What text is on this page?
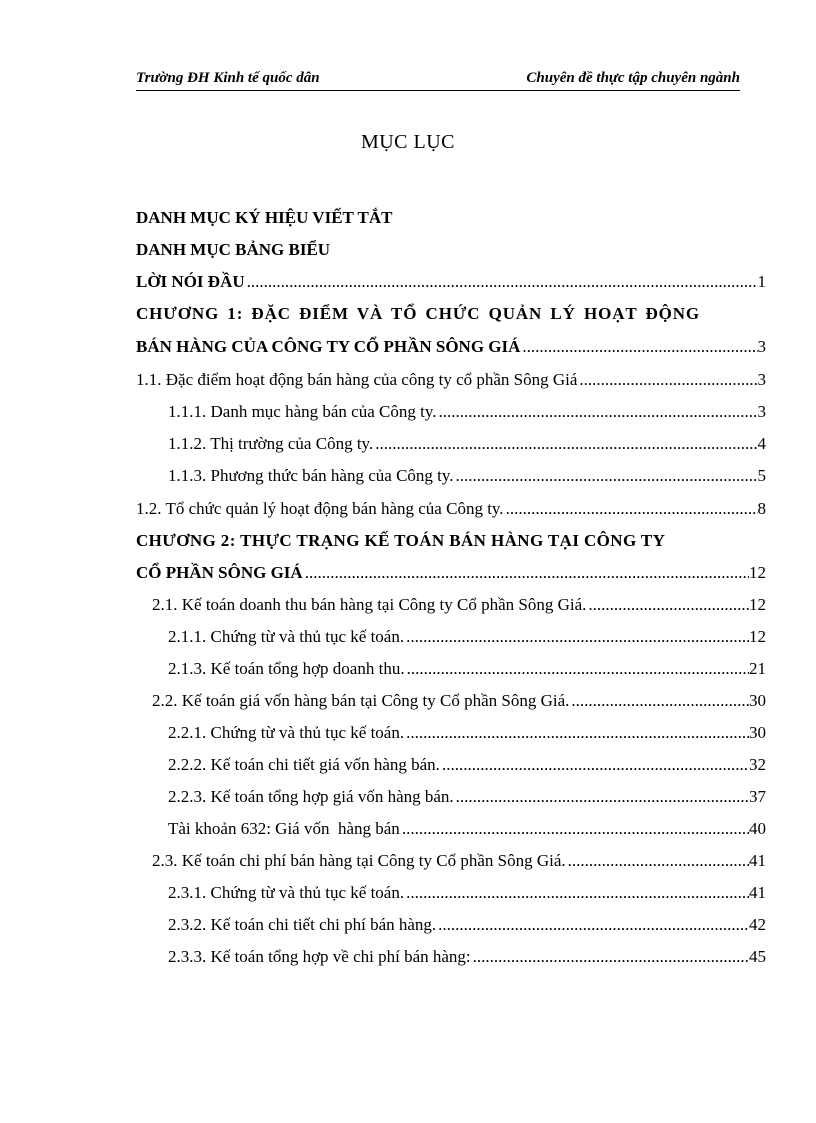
Trường ĐH Kinh tế quốc dân	Chuyên đề thực tập chuyên ngành
MỤC LỤC
DANH MỤC KÝ HIỆU VIẾT TẮT
DANH MỤC BẢNG BIỂU
LỜI NÓI ĐẦU .....	1
CHƯƠNG 1: ĐẶC ĐIỂM VÀ TỔ CHỨC QUẢN LÝ HOẠT ĐỘNG
BÁN HÀNG CỦA CÔNG TY CỔ PHẦN SÔNG GIÁ .....	3
1.1. Đặc điểm hoạt động bán hàng của công ty cổ phần Sông Giá .....	3
1.1.1. Danh mục hàng bán của Công ty. .....	3
1.1.2. Thị trường của Công ty. .....	4
1.1.3. Phương thức bán hàng của Công ty. .....	5
1.2. Tổ chức quản lý hoạt động bán hàng của Công ty. .....	8
CHƯƠNG 2: THỰC TRẠNG KẾ TOÁN BÁN HÀNG TẠI CÔNG TY
CỔ PHẦN SÔNG GIÁ .....	12
2.1. Kế toán doanh thu bán hàng tại Công ty Cổ phần Sông Giá. .....	12
2.1.1. Chứng từ và thủ tục kế toán. .....	12
2.1.3. Kế toán tổng hợp doanh thu. .....	21
2.2. Kế toán giá vốn hàng bán tại Công ty Cổ phần Sông Giá. .....	30
2.2.1. Chứng từ và thủ tục kế toán. .....	30
2.2.2. Kế toán chi tiết giá vốn hàng bán. .....	32
2.2.3. Kế toán tổng hợp giá vốn hàng bán. .....	37
Tài khoản 632: Giá vốn  hàng bán .....	40
2.3. Kế toán chi phí bán hàng tại Công ty Cổ phần Sông Giá. .....	41
2.3.1. Chứng từ và thủ tục kế toán. .....	41
2.3.2. Kế toán chi tiết chi phí bán hàng. .....	42
2.3.3. Kế toán tổng hợp về chi phí bán hàng: .....	45
